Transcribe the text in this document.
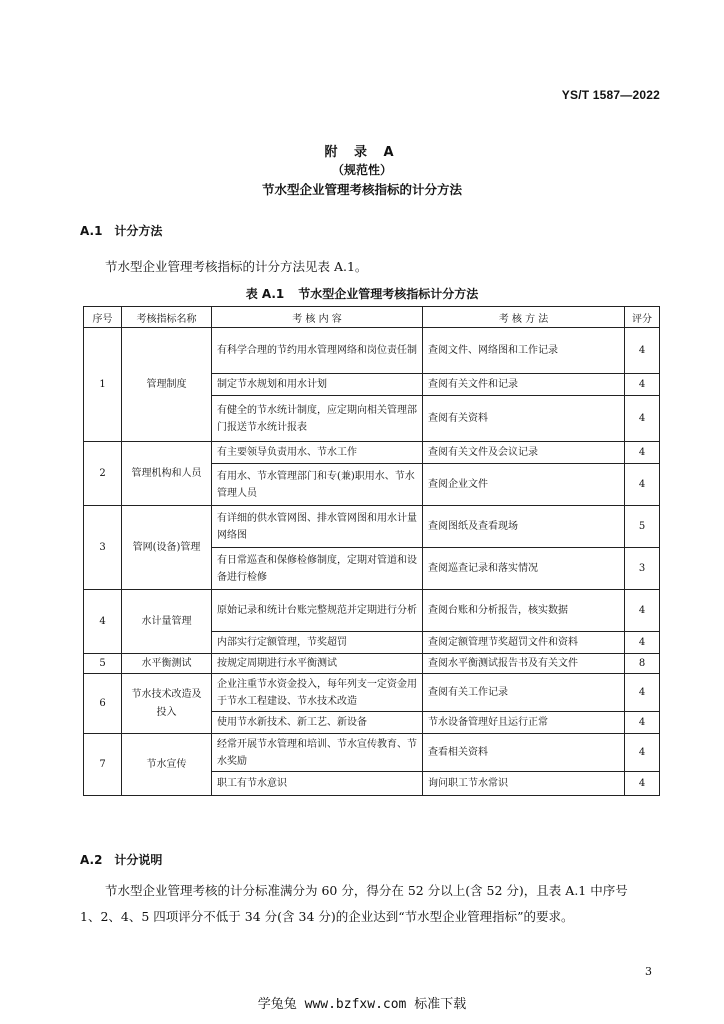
YS/T 1587—2022
附 录 A
（规范性）
节水型企业管理考核指标的计分方法
A.1 计分方法
节水型企业管理考核指标的计分方法见表 A.1。
表 A.1 节水型企业管理考核指标计分方法
序号	考核指标名称	考 核 内 容	考 核 方 法	评分
1	管理制度	有科学合理的节约用水管理网络和岗位责任制	查阅文件、网络图和工作记录	4
		制定节水规划和用水计划	查阅有关文件和记录	4
		有健全的节水统计制度，应定期向相关管理部门报送节水统计报表	查阅有关资料	4
2	管理机构和人员	有主要领导负责用水、节水工作	查阅有关文件及会议记录	4
		有用水、节水管理部门和专(兼)职用水、节水管理人员	查阅企业文件	4
3	管网(设备)管理	有详细的供水管网图、排水管网图和用水计量网络图	查阅图纸及查看现场	5
		有日常巡查和保修检修制度，定期对管道和设备进行检修	查阅巡查记录和落实情况	3
4	水计量管理	原始记录和统计台账完整规范并定期进行分析	查阅台账和分析报告，核实数据	4
		内部实行定额管理，节奖超罚	查阅定额管理节奖超罚文件和资料	4
5	水平衡测试	按规定周期进行水平衡测试	查阅水平衡测试报告书及有关文件	8
6	节水技术改造及投入	企业注重节水资金投入，每年列支一定资金用于节水工程建设、节水技术改造	查阅有关工作记录	4
		使用节水新技术、新工艺、新设备	节水设备管理好且运行正常	4
7	节水宣传	经常开展节水管理和培训、节水宣传教育、节水奖励	查看相关资料	4
		职工有节水意识	询问职工节水常识	4
A.2 计分说明
节水型企业管理考核的计分标准满分为 60 分，得分在 52 分以上(含 52 分)，且表 A.1 中序号 1、2、4、5 四项评分不低于 34 分(含 34 分)的企业达到“节水型企业管理指标”的要求。
3
学兔兔 www.bzfxw.com 标准下载
